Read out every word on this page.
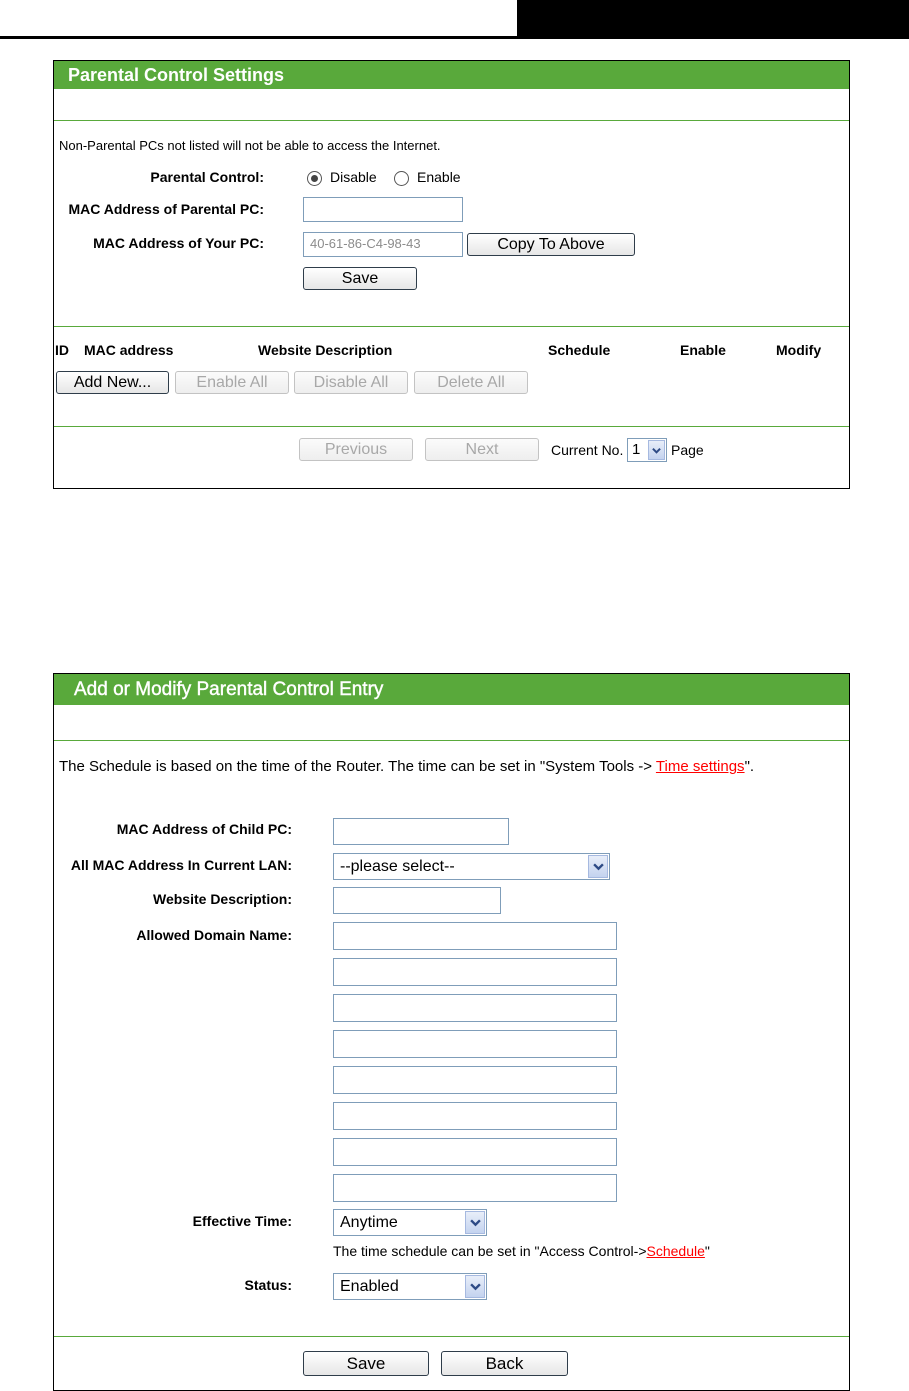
Parental Control Settings
Non-Parental PCs not listed will not be able to access the Internet.
Parental Control:	Disable	Enable
MAC Address of Parental PC:
MAC Address of Your PC:	40-61-86-C4-98-43	Copy To Above
Save
ID MAC address	Website Description	Schedule	Enable	Modify
Add New...	Enable All	Disable All	Delete All
Previous	Next	Current No. 1	Page
Add or Modify Parental Control Entry
The Schedule is based on the time of the Router. The time can be set in "System Tools -> Time settings".
MAC Address of Child PC:
All MAC Address In Current LAN:	--please select--
Website Description:
Allowed Domain Name:
Effective Time:	Anytime
The time schedule can be set in "Access Control->Schedule"
Status:	Enabled
Save	Back
